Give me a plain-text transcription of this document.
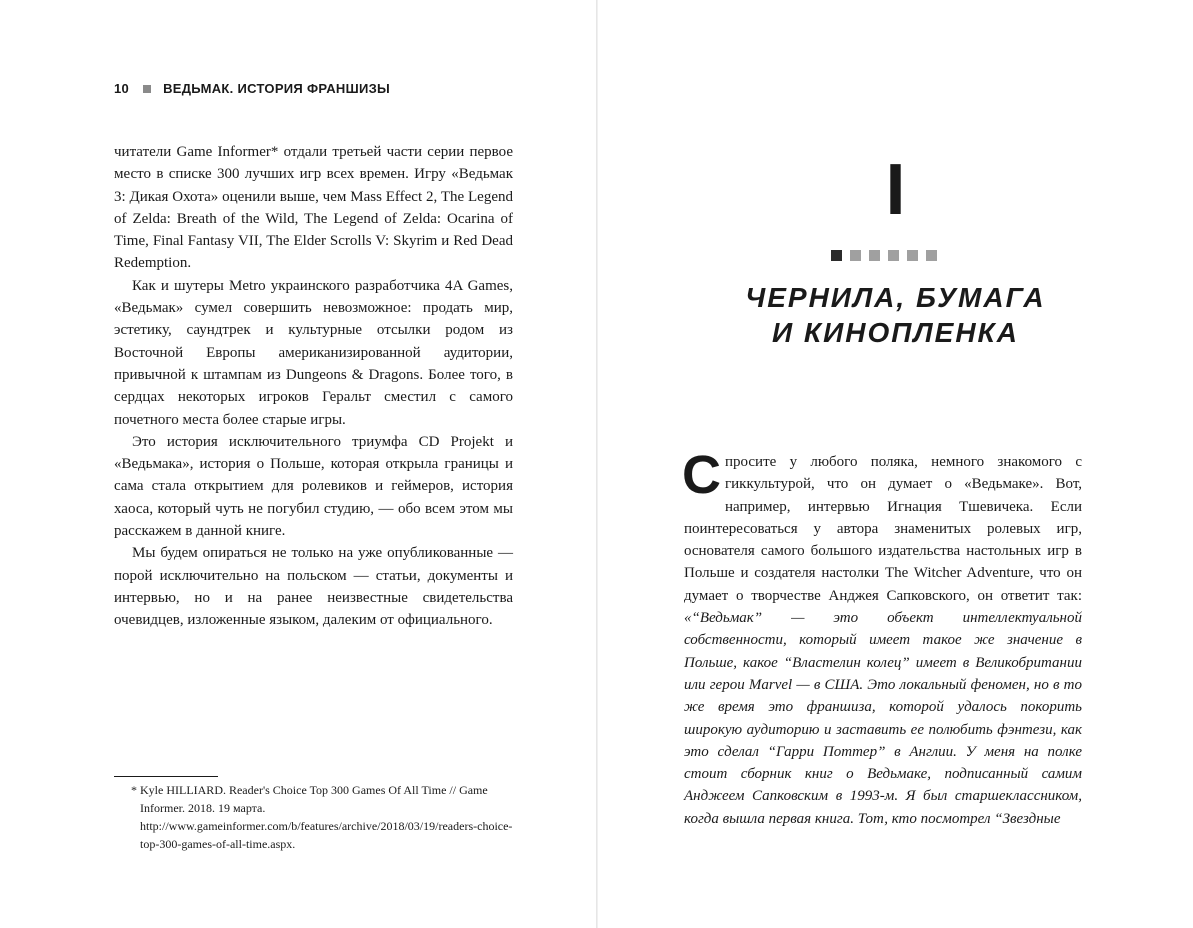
10	ВЕДЬМАК. ИСТОРИЯ ФРАНШИЗЫ

читатели Game Informer* отдали третьей части серии первое место в списке 300 лучших игр всех времен. Игру «Ведьмак 3: Дикая Охота» оценили выше, чем Mass Effect 2, The Legend of Zelda: Breath of the Wild, The Legend of Zelda: Ocarina of Time, Final Fantasy VII, The Elder Scrolls V: Skyrim и Red Dead Redemption.

Как и шутеры Metro украинского разработчика 4A Games, «Ведьмак» сумел совершить невозможное: продать мир, эстетику, саундтрек и культурные отсылки родом из Восточной Европы американизированной аудитории, привычной к штампам из Dungeons & Dragons. Более того, в сердцах некоторых игроков Геральт сместил с самого почетного места более старые игры.

Это история исключительного триумфа CD Projekt и «Ведьмака», история о Польше, которая открыла границы и сама стала открытием для ролевиков и геймеров, история хаоса, который чуть не погубил студию, — обо всем этом мы расскажем в данной книге.

Мы будем опираться не только на уже опубликованные — порой исключительно на польском — статьи, документы и интервью, но и на ранее неизвестные свидетельства очевидцев, изложенные языком, далеким от официального.

* Kyle HILLIARD. Reader's Choice Top 300 Games Of All Time // Game Informer. 2018. 19 марта. http://www.gameinformer.com/b/features/archive/2018/03/19/readers-choice-top-300-games-of-all-time.aspx.
I
ЧЕРНИЛА, БУМАГА
И КИНОПЛЕНКА

Спросите у любого поляка, немного знакомого с гиккультурой, что он думает о «Ведьмаке». Вот, например, интервью Игнация Тшевичека. Если поинтересоваться у автора знаменитых ролевых игр, основателя самого большого издательства настольных игр в Польше и создателя настолки The Witcher Adventure, что он думает о творчестве Анджея Сапковского, он ответит так: «“Ведьмак” — это объект интеллектуальной собственности, который имеет такое же значение в Польше, какое “Властелин колец” имеет в Великобритании или герои Marvel — в США. Это локальный феномен, но в то же время это франшиза, которой удалось покорить широкую аудиторию и заставить ее полюбить фэнтези, как это сделал “Гарри Поттер” в Англии. У меня на полке стоит сборник книг о Ведьмаке, подписанный самим Анджеем Сапковским в 1993-м. Я был старшеклассником, когда вышла первая книга. Тот, кто посмотрел “Звездные
